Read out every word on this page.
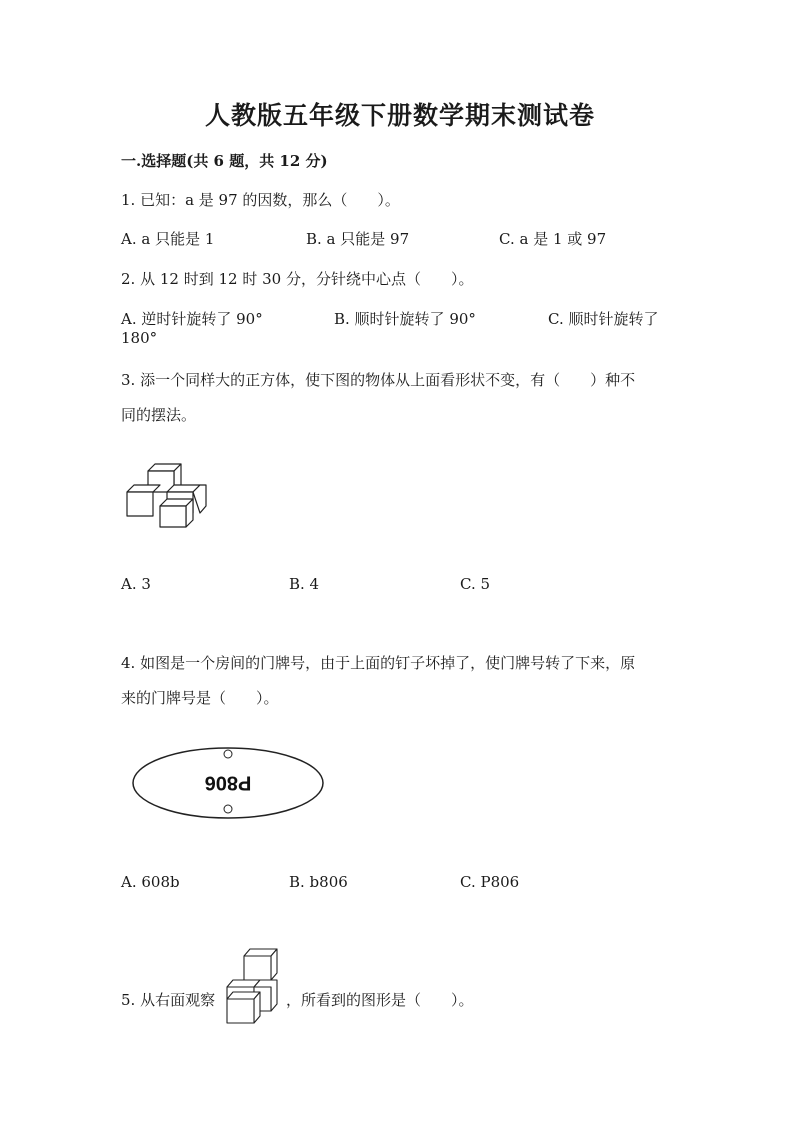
人教版五年级下册数学期末测试卷
一.选择题(共 6 题，共 12 分)
1. 已知：a 是 97 的因数，那么（　　）。
A. a 只能是 1	B. a 只能是 97	C. a 是 1 或 97
2. 从 12 时到 12 时 30 分，分针绕中心点（　　）。
A. 逆时针旋转了 90°	B. 顺时针旋转了 90°	C. 顺时针旋转了
180°
3. 添一个同样大的正方体，使下图的物体从上面看形状不变，有（　　）种不
同的摆法。
A. 3	B. 4	C. 5
4. 如图是一个房间的门牌号，由于上面的钉子坏掉了，使门牌号转了下来，原
来的门牌号是（　　）。
P806
A. 608b	B. b806	C. P806
5. 从右面观察	，所看到的图形是（　　）。
